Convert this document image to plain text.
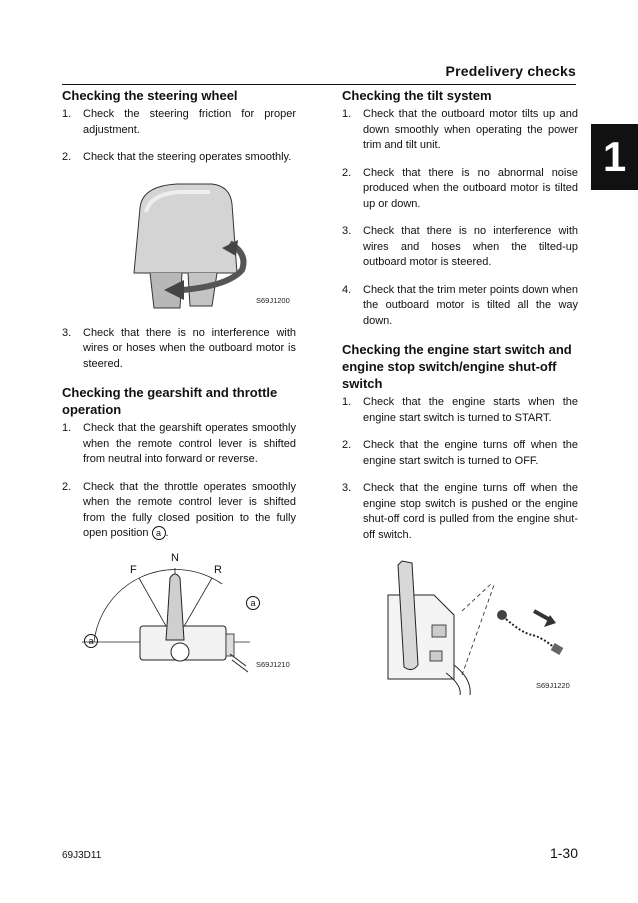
Predelivery checks
1
Checking the steering wheel
1. Check the steering friction for proper adjustment.
2. Check that the steering operates smoothly.
S69J1200
3. Check that there is no interference with wires or hoses when the outboard motor is steered.
Checking the gearshift and throttle operation
1. Check that the gearshift operates smoothly when the remote control lever is shifted from neutral into forward or reverse.
2. Check that the throttle operates smoothly when the remote control lever is shifted from the fully closed position to the fully open position a .
F
N
R
a
a
S69J1210
Checking the tilt system
1. Check that the outboard motor tilts up and down smoothly when operating the power trim and tilt unit.
2. Check that there is no abnormal noise produced when the outboard motor is tilted up or down.
3. Check that there is no interference with wires and hoses when the tilted-up outboard motor is steered.
4. Check that the trim meter points down when the outboard motor is tilted all the way down.
Checking the engine start switch and engine stop switch/engine shut-off switch
1. Check that the engine starts when the engine start switch is turned to START.
2. Check that the engine turns off when the engine start switch is turned to OFF.
3. Check that the engine turns off when the engine stop switch is pushed or the engine shut-off cord is pulled from the engine shut-off switch.
S69J1220
69J3D11	1-30
